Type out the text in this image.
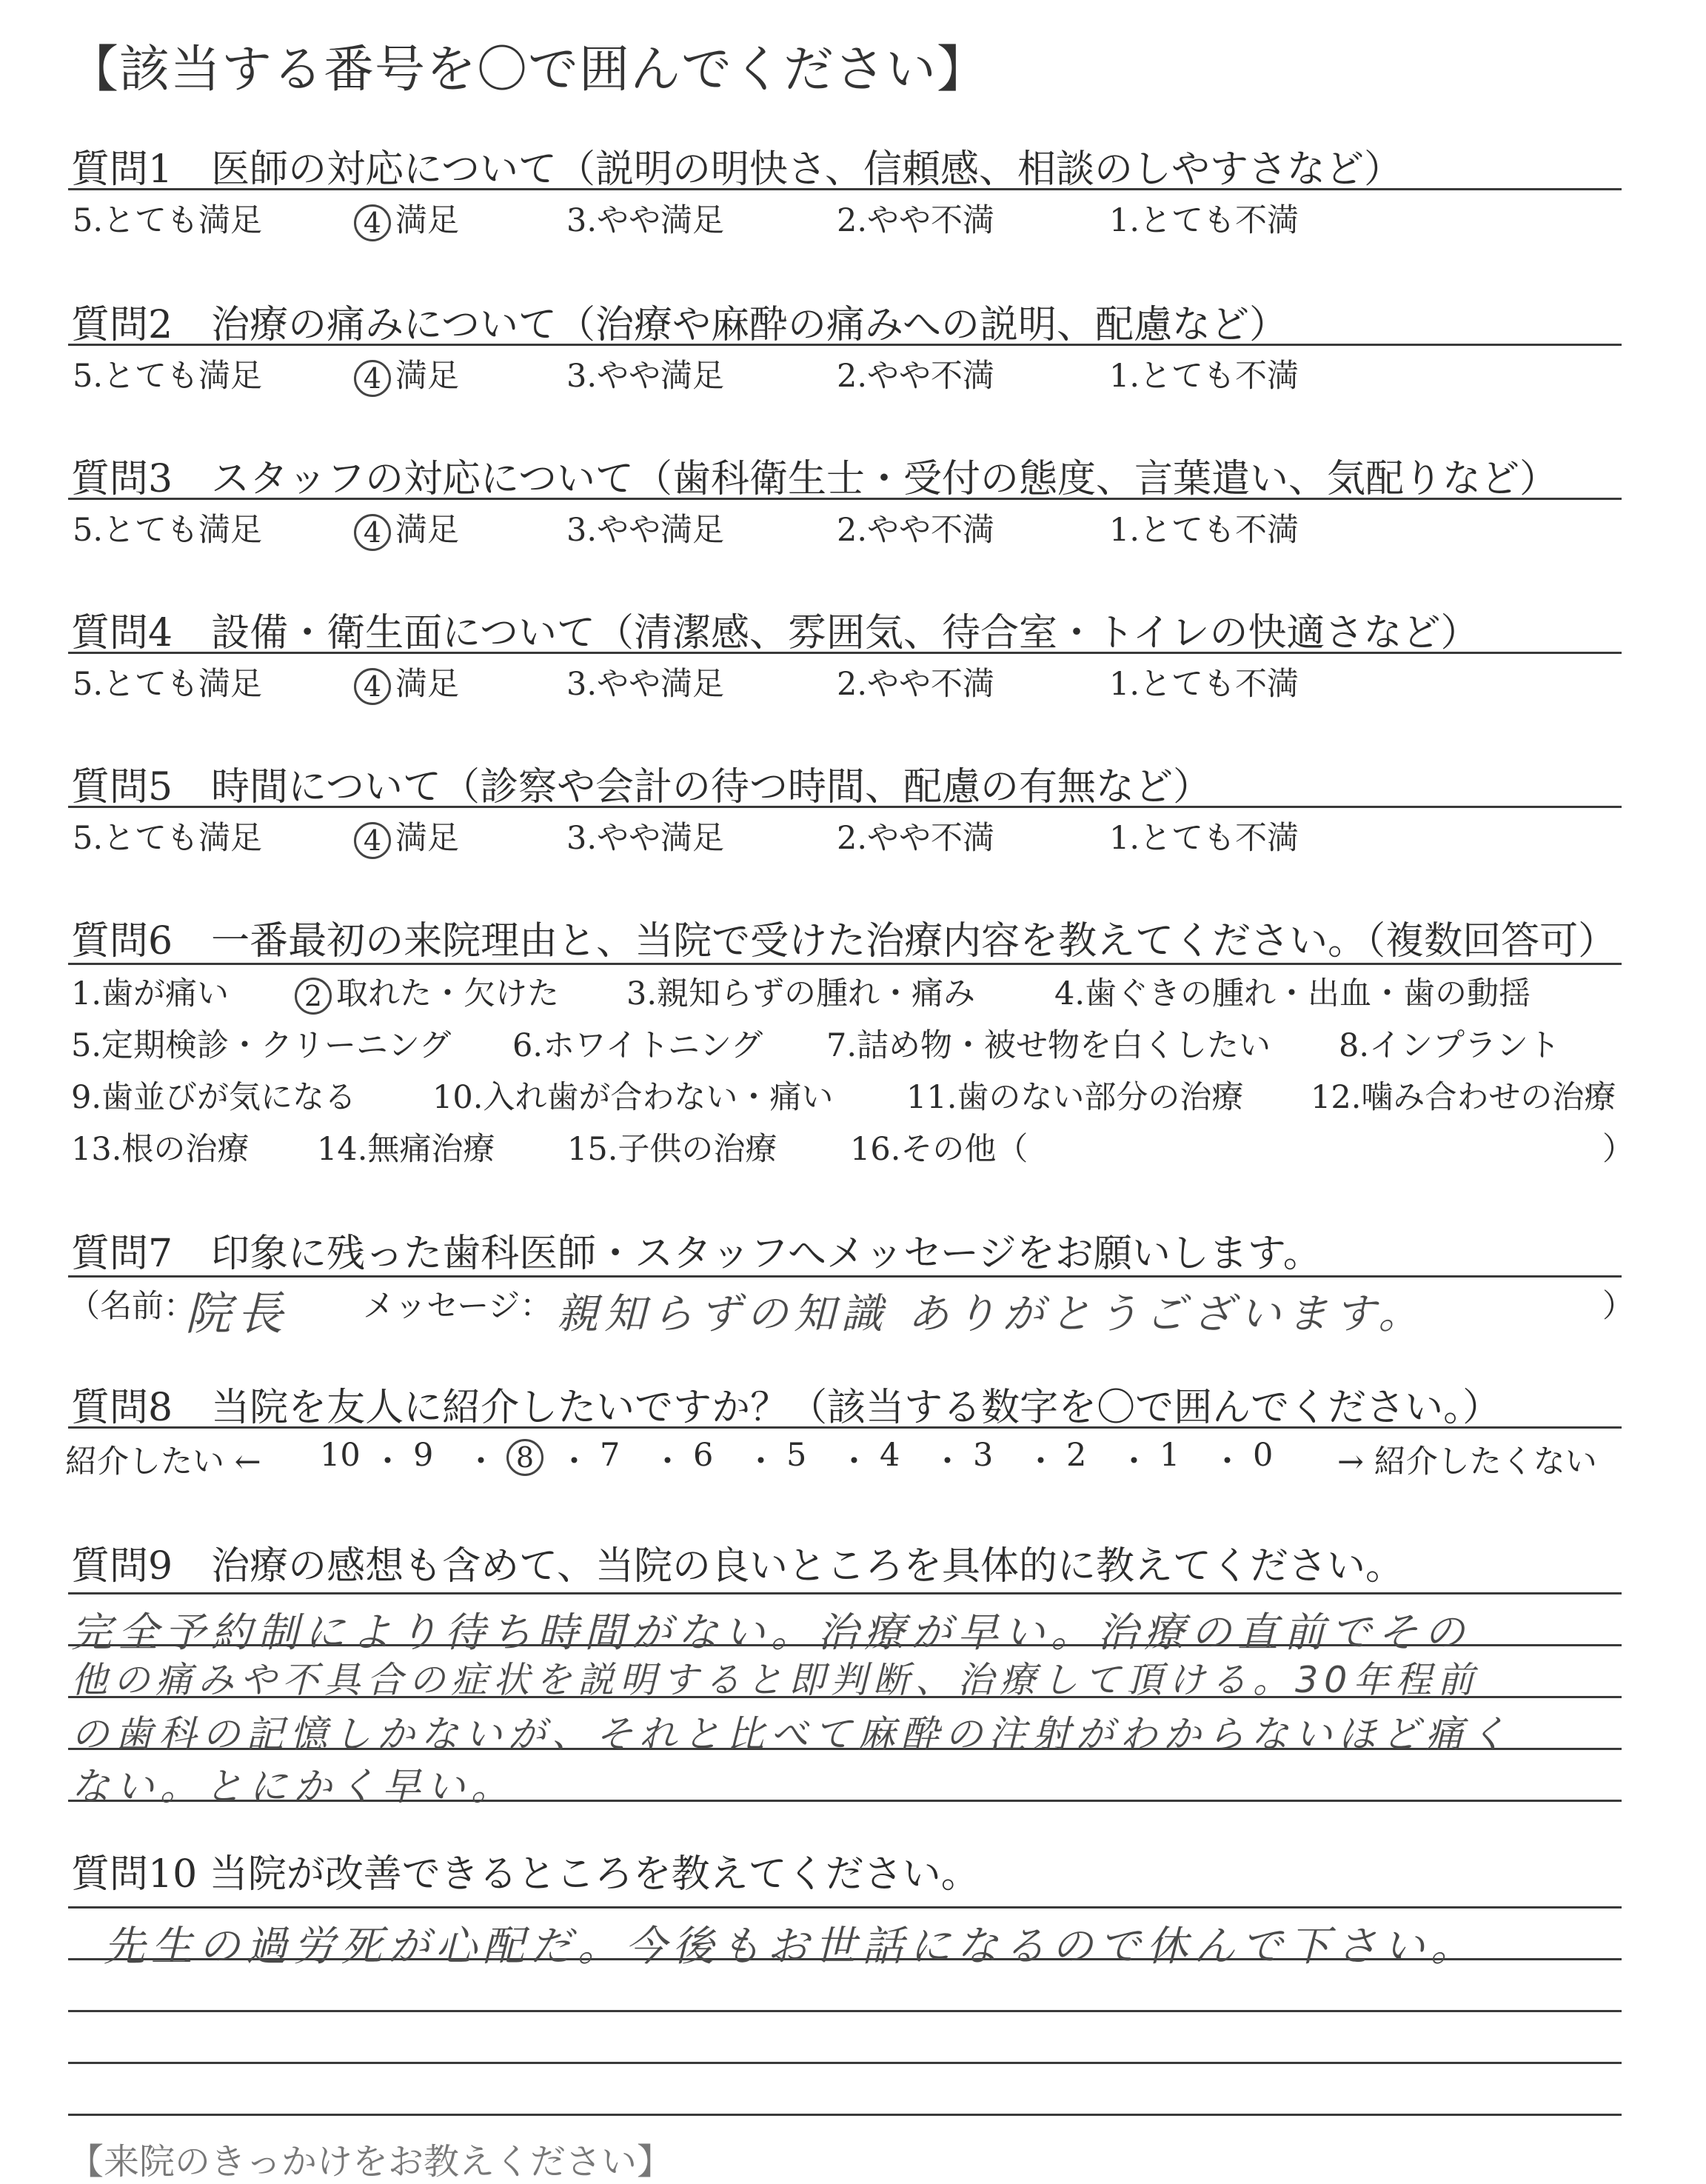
【該当する番号を〇で囲んでください】
質問1　医師の対応について（説明の明快さ、信頼感、相談のしやすさなど）
5.とても満足	4 満足	3.やや満足	2.やや不満	1.とても不満
質問2　治療の痛みについて（治療や麻酔の痛みへの説明、配慮など）
5.とても満足	4 満足	3.やや満足	2.やや不満	1.とても不満
質問3　スタッフの対応について（歯科衛生士・受付の態度、言葉遣い、気配りなど）
5.とても満足	4 満足	3.やや満足	2.やや不満	1.とても不満
質問4　設備・衛生面について（清潔感、雰囲気、待合室・トイレの快適さなど）
5.とても満足	4 満足	3.やや満足	2.やや不満	1.とても不満
質問5　時間について（診察や会計の待つ時間、配慮の有無など）
5.とても満足	4 満足	3.やや満足	2.やや不満	1.とても不満
質問6　一番最初の来院理由と、当院で受けた治療内容を教えてください。（複数回答可）
1.歯が痛い	2 取れた・欠けた 3.親知らずの腫れ・痛み 4.歯ぐきの腫れ・出血・歯の動揺
5.定期検診・クリーニング 6.ホワイトニング 7.詰め物・被せ物を白くしたい 8.インプラント
9.歯並びが気になる 10.入れ歯が合わない・痛い 11.歯のない部分の治療 12.噛み合わせの治療
13.根の治療 14.無痛治療 15.子供の治療 16.その他（	）
質問7　印象に残った歯科医師・スタッフへメッセージをお願いします。
（名前：
院長 メッセージ： 親知らずの知識 ありがとうございます。	）
質問8　当院を友人に紹介したいですか？（該当する数字を〇で囲んでください。）
紹介したい ← 10 ・ 9 ・ 8 ・ 7 ・ 6 ・ 5 ・ 4 ・ 3 ・ 2 ・ 1 ・ 0 → 紹介したくない
質問9　治療の感想も含めて、当院の良いところを具体的に教えてください。
完全予約制により待ち時間がない。治療が早い。治療の直前でその
他の痛みや不具合の症状を説明すると即判断、治療して頂ける。30年程前
の歯科の記憶しかないが、それと比べて麻酔の注射がわからないほど痛く
ない。とにかく早い。
質問10 当院が改善できるところを教えてください。
先生の過労死が心配だ。今後もお世話になるので休んで下さい。
【来院のきっかけをお教えください】
